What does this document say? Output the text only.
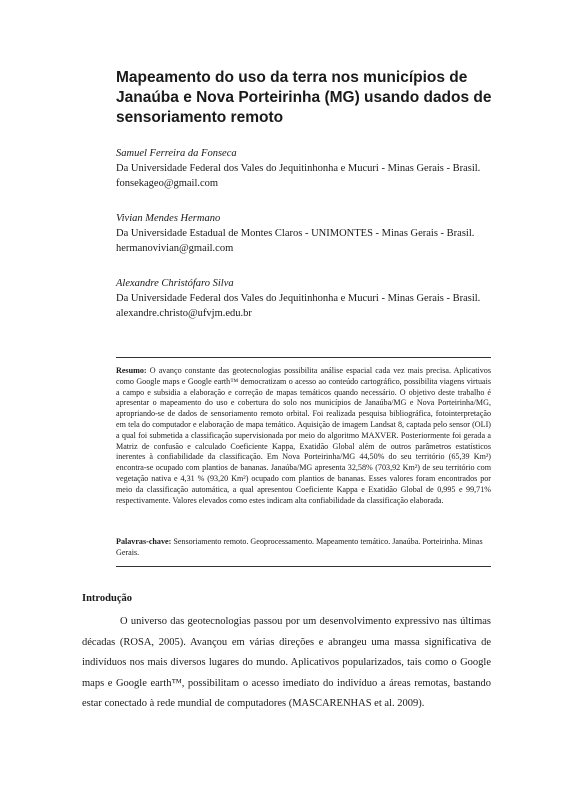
Mapeamento do uso da terra nos municípios de Janaúba e Nova Porteirinha (MG) usando dados de sensoriamento remoto
Samuel Ferreira da Fonseca
Da Universidade Federal dos Vales do Jequitinhonha e Mucuri - Minas Gerais - Brasil.
fonsekageo@gmail.com
Vivian Mendes Hermano
Da Universidade Estadual de Montes Claros - UNIMONTES - Minas Gerais - Brasil.
hermanovivian@gmail.com
Alexandre Christófaro Silva
Da Universidade Federal dos Vales do Jequitinhonha e Mucuri - Minas Gerais - Brasil.
alexandre.christo@ufvjm.edu.br

Resumo: O avanço constante das geotecnologias possibilita análise espacial cada vez mais precisa. Aplicativos como Google maps e Google earth™ democratizam o acesso ao conteúdo cartográfico, possibilita viagens virtuais a campo e subsidia a elaboração e correção de mapas temáticos quando necessário. O objetivo deste trabalho é apresentar o mapeamento do uso e cobertura do solo nos municípios de Janaúba/MG e Nova Porteirinha/MG, apropriando-se de dados de sensoriamento remoto orbital. Foi realizada pesquisa bibliográfica, fotointerpretação em tela do computador e elaboração de mapa temático. Aquisição de imagem Landsat 8, captada pelo sensor (OLI) a qual foi submetida a classificação supervisionada por meio do algoritmo MAXVER. Posteriormente foi gerada a Matriz de confusão e calculado Coeficiente Kappa, Exatidão Global além de outros parâmetros estatísticos inerentes à confiabilidade da classificação. Em Nova Porteirinha/MG 44,50% do seu território (65,39 Km²) encontra-se ocupado com plantios de bananas. Janaúba/MG apresenta 32,58% (703,92 Km²) de seu território com vegetação nativa e 4,31 % (93,20 Km²) ocupado com plantios de bananas. Esses valores foram encontrados por meio da classificação automática, a qual apresentou Coeficiente Kappa e Exatidão Global de 0,995 e 99,71% respectivamente. Valores elevados como estes indicam alta confiabilidade da classificação elaborada.

Palavras-chave: Sensoriamento remoto. Geoprocessamento. Mapeamento temático. Janaúba. Porteirinha. Minas Gerais.

Introdução

O universo das geotecnologias passou por um desenvolvimento expressivo nas últimas décadas (ROSA, 2005). Avançou em várias direções e abrangeu uma massa significativa de indivíduos nos mais diversos lugares do mundo. Aplicativos popularizados, tais como o Google maps e Google earth™, possibilitam o acesso imediato do indivíduo a áreas remotas, bastando estar conectado à rede mundial de computadores (MASCARENHAS et al. 2009).
